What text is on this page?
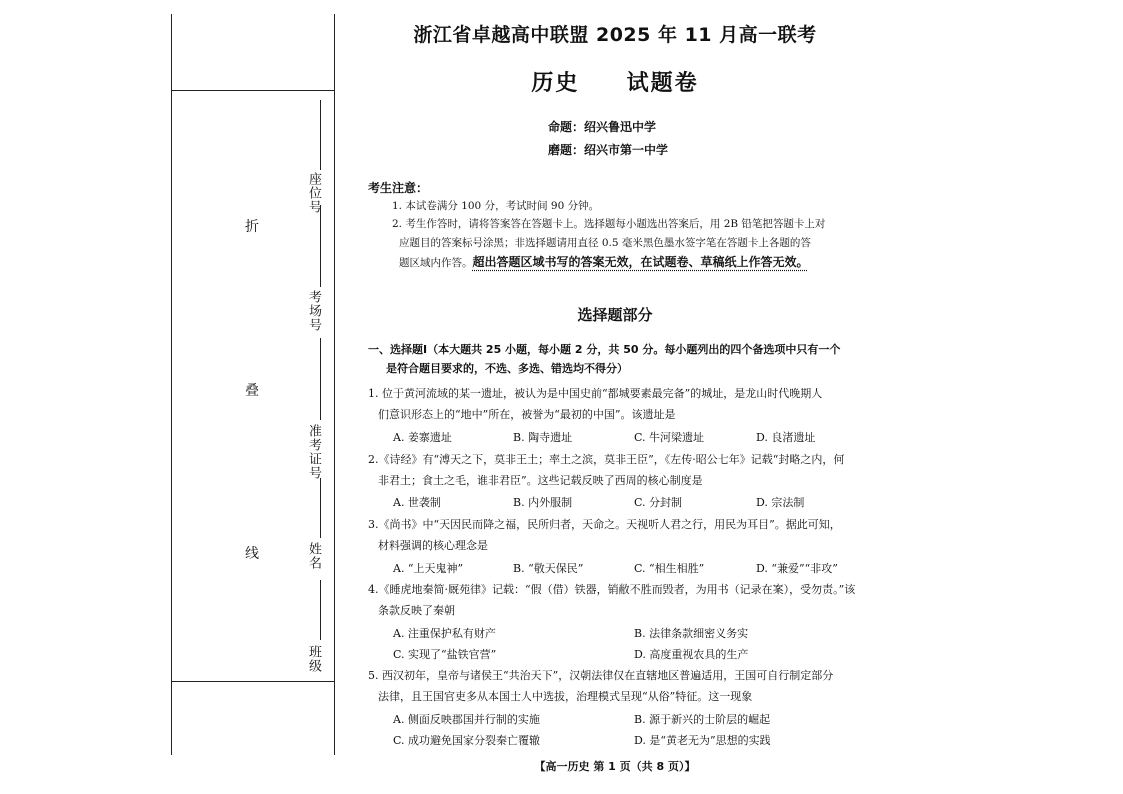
折
叠
线
座位号
考场号
准考证号
姓名
班级
浙江省卓越高中联盟 2025 年 11 月高一联考
历史  试题卷
命题：绍兴鲁迅中学
磨题：绍兴市第一中学
考生注意：
1. 本试卷满分 100 分，考试时间 90 分钟。
2. 考生作答时，请将答案答在答题卡上。选择题每小题选出答案后，用 2B 铅笔把答题卡上对
应题目的答案标号涂黑；非选择题请用直径 0.5 毫米黑色墨水签字笔在答题卡上各题的答
题区域内作答。超出答题区域书写的答案无效，在试题卷、草稿纸上作答无效。
选择题部分
一、选择题Ⅰ（本大题共 25 小题，每小题 2 分，共 50 分。每小题列出的四个备选项中只有一个
是符合题目要求的，不选、多选、错选均不得分）
1. 位于黄河流域的某一遗址，被认为是中国史前“都城要素最完备”的城址，是龙山时代晚期人
们意识形态上的“地中”所在，被誉为“最初的中国”。该遗址是
A. 姜寨遗址	B. 陶寺遗址	C. 牛河梁遗址	D. 良渚遗址
2.《诗经》有“溥天之下，莫非王土；率土之滨，莫非王臣”，《左传·昭公七年》记载“封略之内，何
非君土；食土之毛，谁非君臣”。这些记载反映了西周的核心制度是
A. 世袭制	B. 内外服制	C. 分封制	D. 宗法制
3.《尚书》中“天因民而降之福，民所归者，天命之。天视听人君之行，用民为耳目”。据此可知，
材料强调的核心理念是
A. “上天鬼神”	B. “敬天保民”	C. “相生相胜”	D. “兼爱”“非攻”
4.《睡虎地秦简·厩苑律》记载：“假（借）铁器，销敝不胜而毁者，为用书（记录在案），受勿责。”该
条款反映了秦朝
A. 注重保护私有财产	B. 法律条款细密义务实
C. 实现了“盐铁官营”	D. 高度重视农具的生产
5. 西汉初年，皇帝与诸侯王“共治天下”，汉朝法律仅在直辖地区普遍适用，王国可自行制定部分
法律，且王国官吏多从本国士人中选拔，治理模式呈现“从俗”特征。这一现象
A. 侧面反映郡国并行制的实施	B. 源于新兴的士阶层的崛起
C. 成功避免国家分裂秦亡覆辙	D. 是“黄老无为”思想的实践
【高一历史 第 1 页（共 8 页）】
